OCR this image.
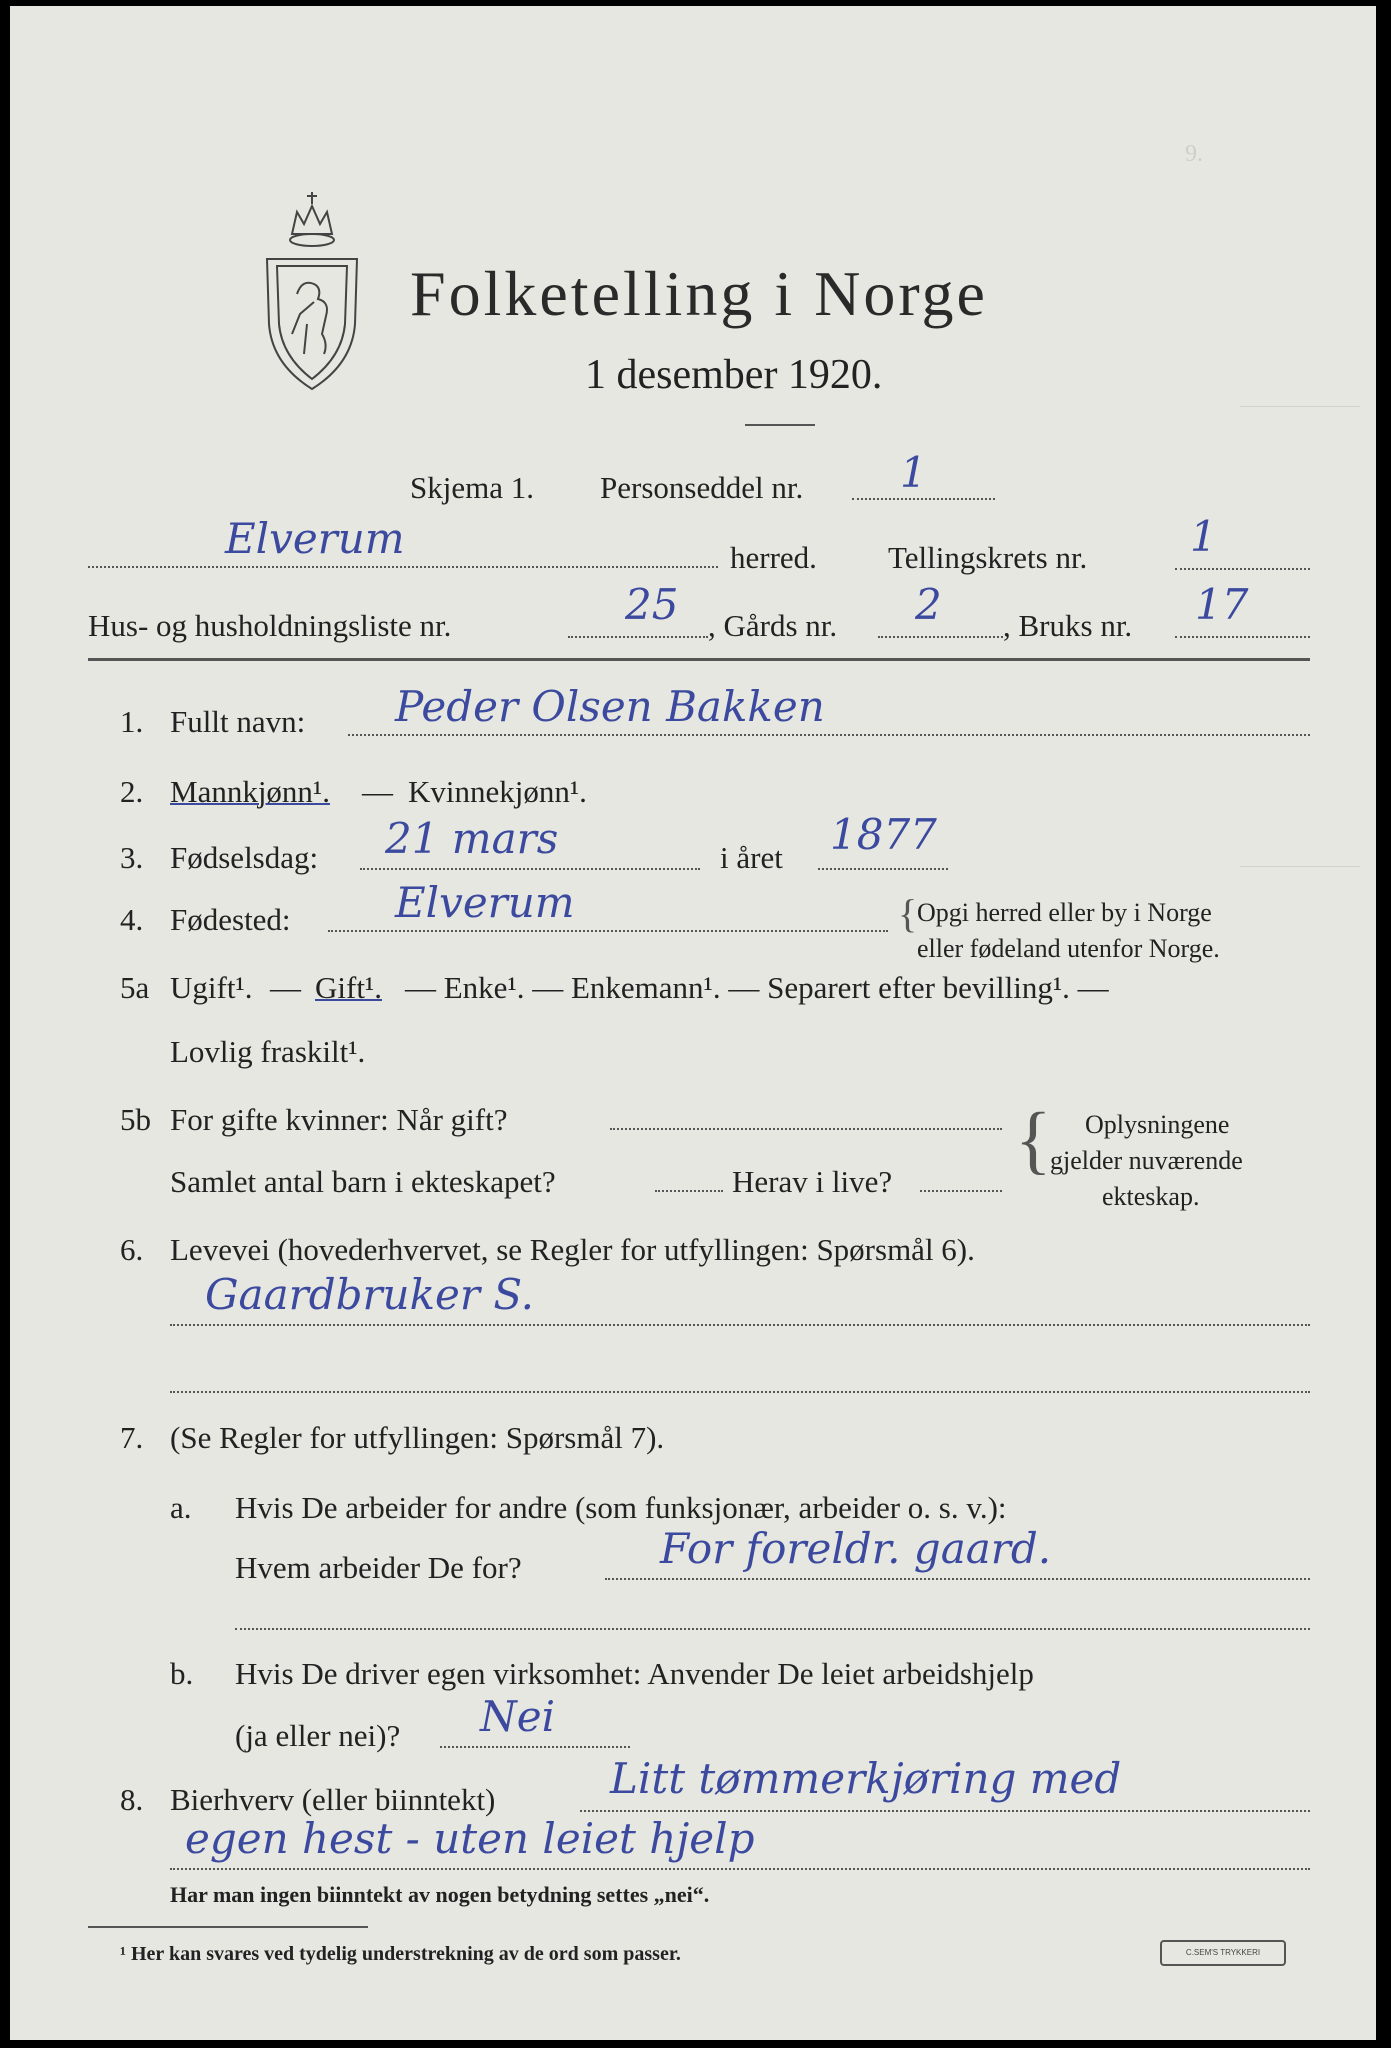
9.
Folketelling i Norge
1 desember 1920.
Skjema 1. Personseddel nr. 1
Elverum	herred. Tellingskrets nr. 1
Hus- og husholdningsliste nr.	25 , Gårds nr. 2 , Bruks nr. 17
1. Fullt navn: Peder Olsen Bakken
2. Mannkjønn¹. — Kvinnekjønn¹.
3. Fødselsdag: 21 mars	i året 1877
4. Fødested: Elverum	{ Opgi herred eller by i Norge
eller fødeland utenfor Norge.
5a Ugift¹. — Gift¹. — Enke¹. — Enkemann¹. — Separert efter bevilling¹. —
Lovlig fraskilt¹.
5b For gifte kvinner: Når gift?
Samlet antal barn i ekteskapet?	Herav i live? { Oplysningene
gjelder nuværende
ekteskap.
6. Levevei (hovederhvervet, se Regler for utfyllingen: Spørsmål 6).
Gaardbruker S.
7. (Se Regler for utfyllingen: Spørsmål 7).
a. Hvis De arbeider for andre (som funksjonær, arbeider o. s. v.):
Hvem arbeider De for?	For foreldr. gaard.
b. Hvis De driver egen virksomhet: Anvender De leiet arbeidshjelp
(ja eller nei)? Nei
8. Bierhverv (eller biinntekt)	Litt tømmerkjøring med
egen hest - uten leiet hjelp
Har man ingen biinntekt av nogen betydning settes „nei“.
¹ Her kan svares ved tydelig understrekning av de ord som passer.	C.SEM'S TRYKKERI
